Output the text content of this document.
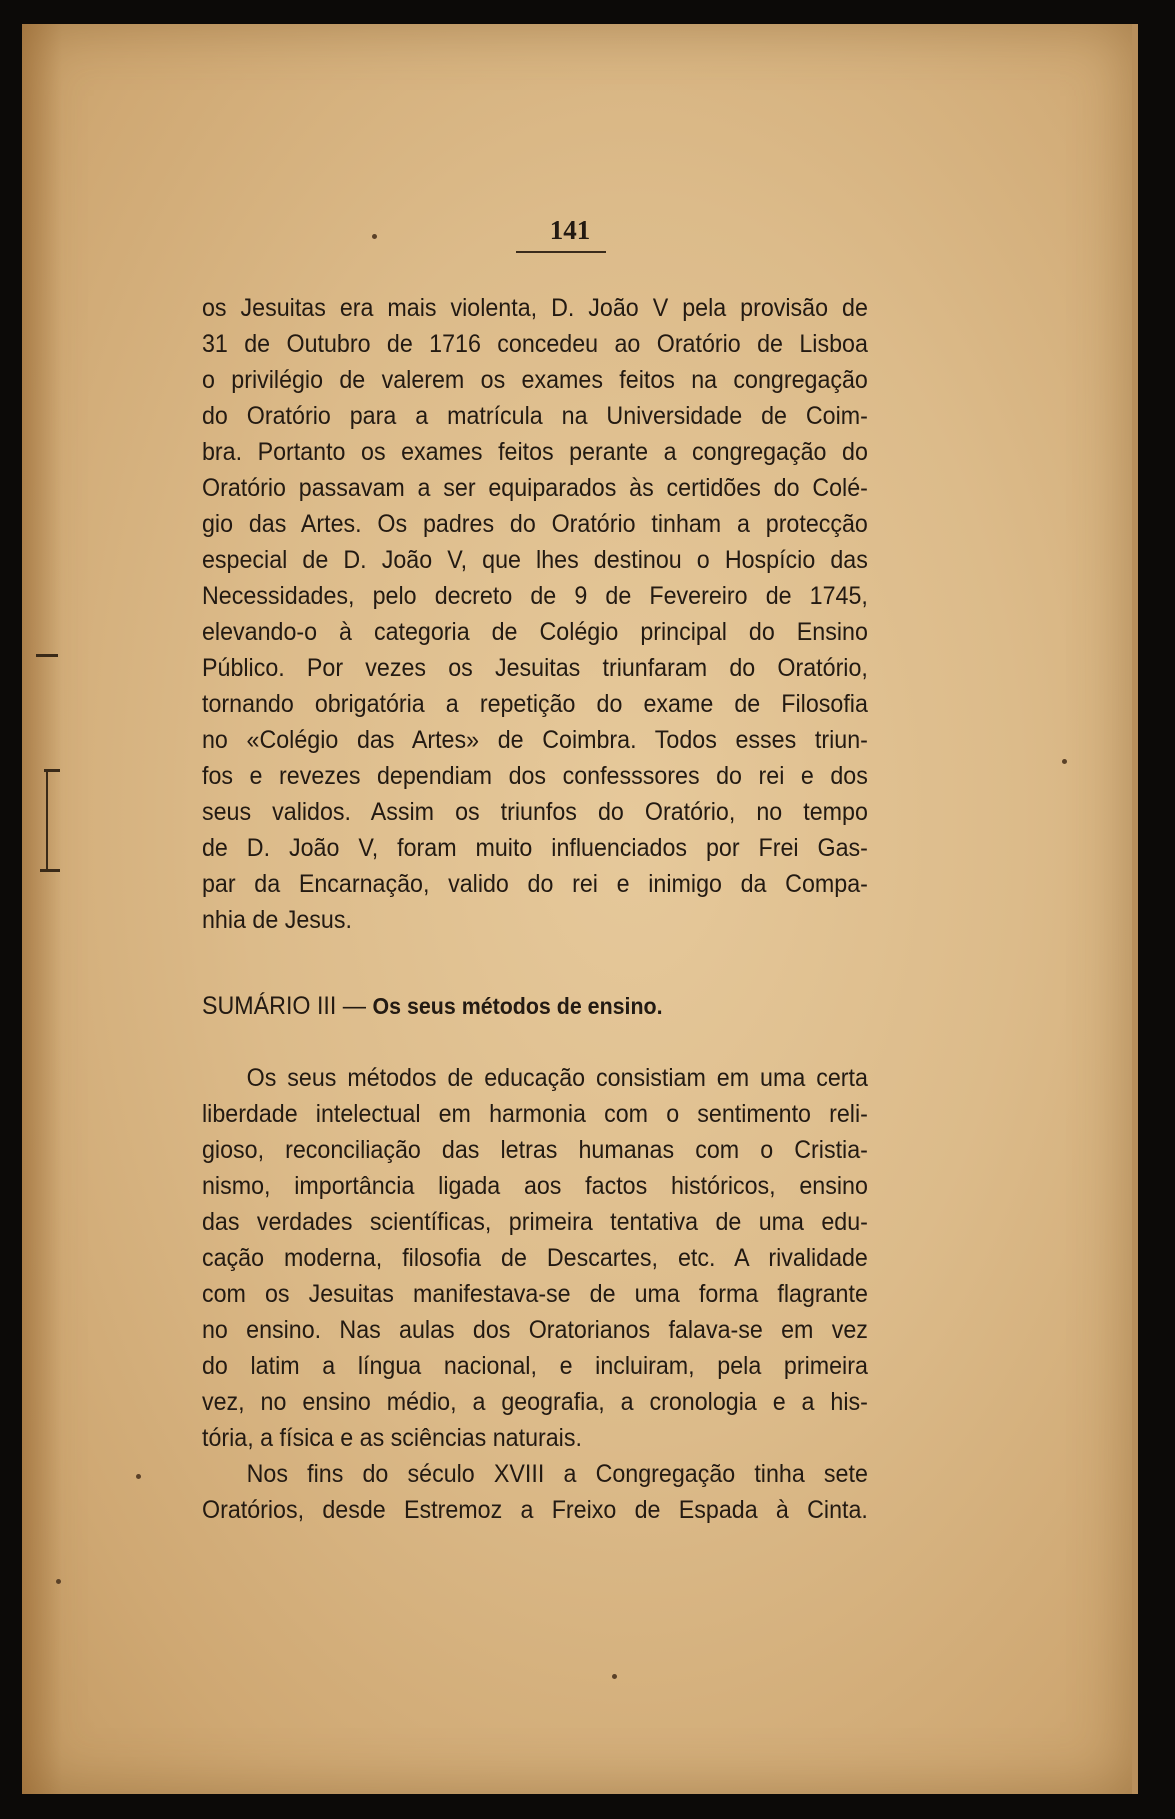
141
os Jesuitas era mais violenta, D. João V pela provisão de
31 de Outubro de 1716 concedeu ao Oratório de Lisboa
o privilégio de valerem os exames feitos na congregação
do Oratório para a matrícula na Universidade de Coim-
bra. Portanto os exames feitos perante a congregação do
Oratório passavam a ser equiparados às certidões do Colé-
gio das Artes. Os padres do Oratório tinham a protecção
especial de D. João V, que lhes destinou o Hospício das
Necessidades, pelo decreto de 9 de Fevereiro de 1745,
elevando-o à categoria de Colégio principal do Ensino
Público. Por vezes os Jesuitas triunfaram do Oratório,
tornando obrigatória a repetição do exame de Filosofia
no «Colégio das Artes» de Coimbra. Todos esses triun-
fos e revezes dependiam dos confesssores do rei e dos
seus validos. Assim os triunfos do Oratório, no tempo
de D. João V, foram muito influenciados por Frei Gas-
par da Encarnação, valido do rei e inimigo da Compa-
nhia de Jesus.
SUMÁRIO III — Os seus métodos de ensino.
Os seus métodos de educação consistiam em uma certa
liberdade intelectual em harmonia com o sentimento reli-
gioso, reconciliação das letras humanas com o Cristia-
nismo, importância ligada aos factos históricos, ensino
das verdades scientíficas, primeira tentativa de uma edu-
cação moderna, filosofia de Descartes, etc. A rivalidade
com os Jesuitas manifestava-se de uma forma flagrante
no ensino. Nas aulas dos Oratorianos falava-se em vez
do latim a língua nacional, e incluiram, pela primeira
vez, no ensino médio, a geografia, a cronologia e a his-
tória, a física e as sciências naturais.
Nos fins do século XVIII a Congregação tinha sete
Oratórios, desde Estremoz a Freixo de Espada à Cinta.
